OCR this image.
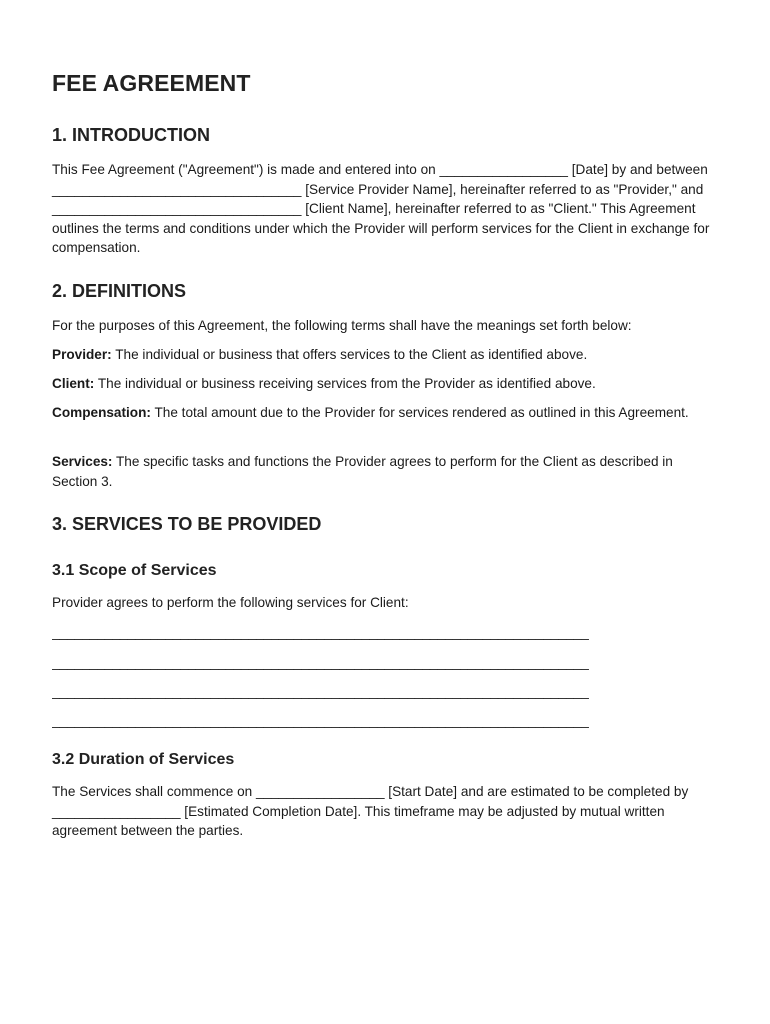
FEE AGREEMENT
1. INTRODUCTION

This Fee Agreement ("Agreement") is made and entered into on _________________ [Date] by and between _________________________________ [Service Provider Name], hereinafter referred to as "Provider," and _________________________________ [Client Name], hereinafter referred to as "Client." This Agreement outlines the terms and conditions under which the Provider will perform services for the Client in exchange for compensation.

2. DEFINITIONS

For the purposes of this Agreement, the following terms shall have the meanings set forth below:

Provider: The individual or business that offers services to the Client as identified above.

Client: The individual or business receiving services from the Provider as identified above.

Compensation: The total amount due to the Provider for services rendered as outlined in this Agreement.

Services: The specific tasks and functions the Provider agrees to perform for the Client as described in Section 3.

3. SERVICES TO BE PROVIDED
3.1 Scope of Services

Provider agrees to perform the following services for Client:

_______________________________________________________________________
_______________________________________________________________________
_______________________________________________________________________
_______________________________________________________________________
3.2 Duration of Services

The Services shall commence on _________________ [Start Date] and are estimated to be completed by _________________ [Estimated Completion Date]. This timeframe may be adjusted by mutual written agreement between the parties.
